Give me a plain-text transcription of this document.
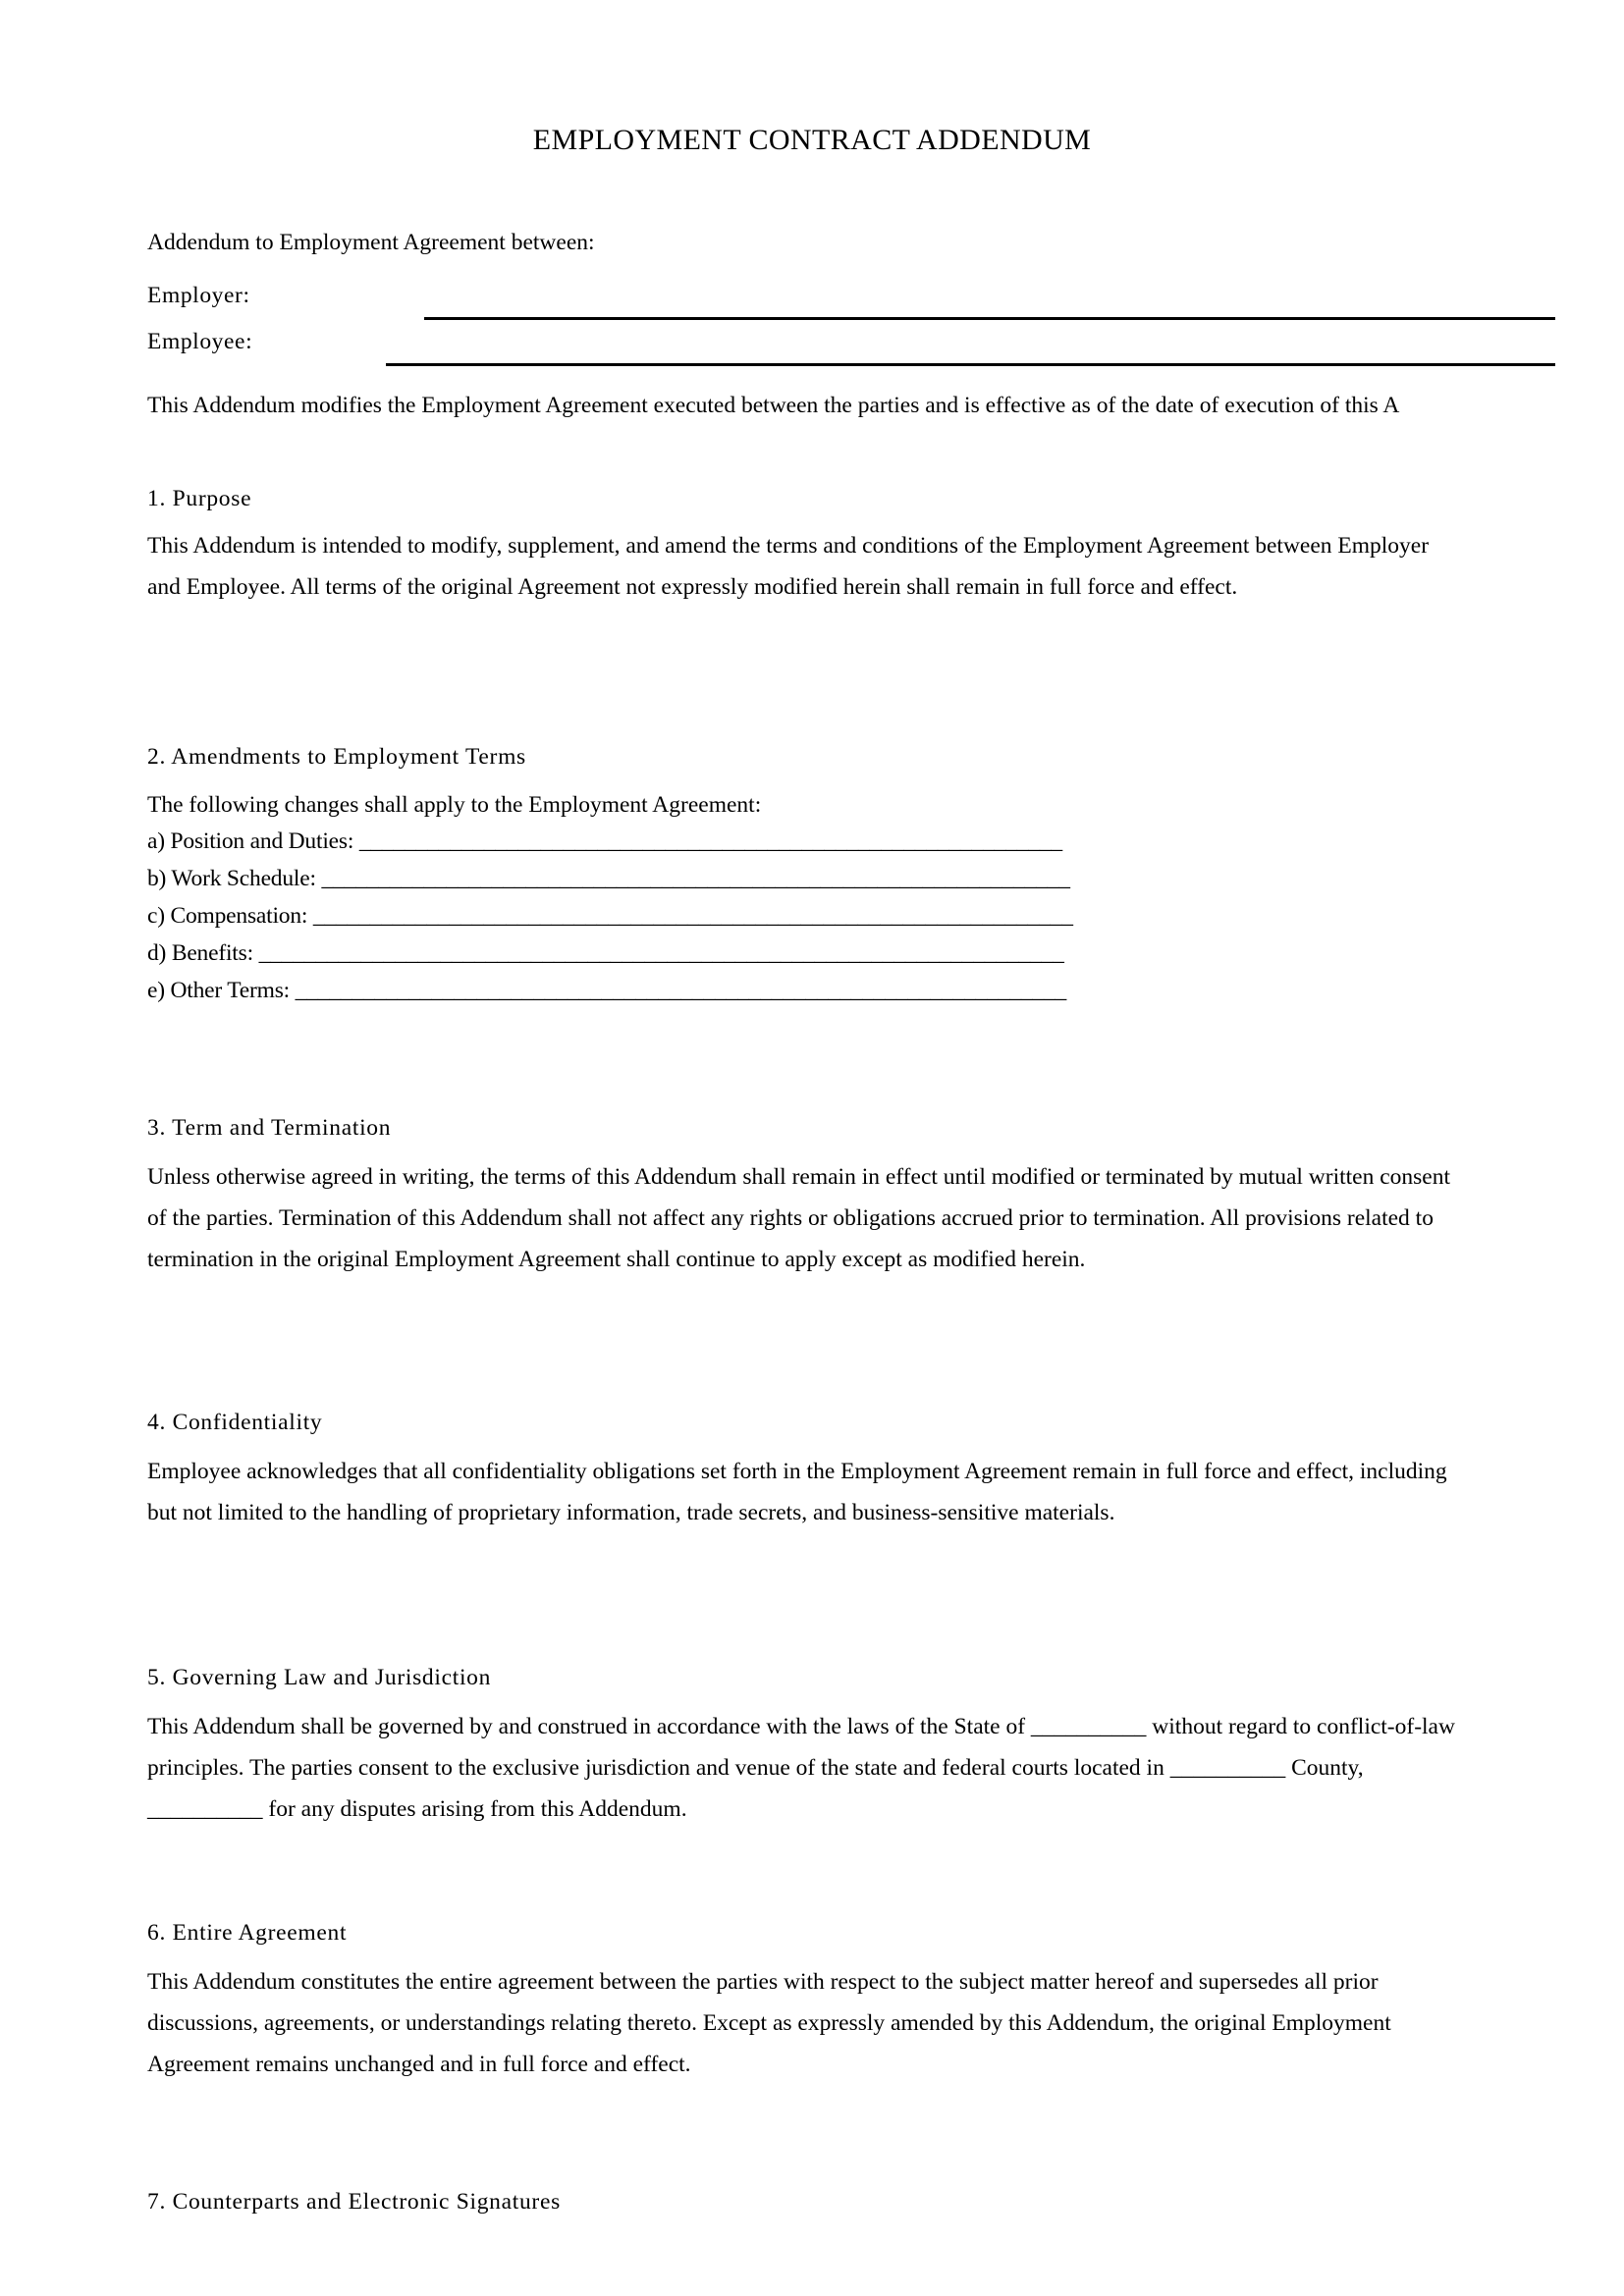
EMPLOYMENT CONTRACT ADDENDUM
Addendum to Employment Agreement between:
Employer:
Employee:
This Addendum modifies the Employment Agreement executed between the parties and is effective as of the date of execution of this A
1. Purpose
This Addendum is intended to modify, supplement, and amend the terms and conditions of the Employment Agreement between Employer and Employee. All terms of the original Agreement not expressly modified herein shall remain in full force and effect.
2. Amendments to Employment Terms
The following changes shall apply to the Employment Agreement:
a) Position and Duties: ______________________________________________________________
b) Work Schedule: __________________________________________________________________
c) Compensation: ___________________________________________________________________
d) Benefits: _______________________________________________________________________
e) Other Terms: ____________________________________________________________________
3. Term and Termination
Unless otherwise agreed in writing, the terms of this Addendum shall remain in effect until modified or terminated by mutual written consent of the parties. Termination of this Addendum shall not affect any rights or obligations accrued prior to termination. All provisions related to termination in the original Employment Agreement shall continue to apply except as modified herein.
4. Confidentiality
Employee acknowledges that all confidentiality obligations set forth in the Employment Agreement remain in full force and effect, including but not limited to the handling of proprietary information, trade secrets, and business-sensitive materials.
5. Governing Law and Jurisdiction
This Addendum shall be governed by and construed in accordance with the laws of the State of __________ without regard to conflict-of-law principles. The parties consent to the exclusive jurisdiction and venue of the state and federal courts located in __________ County, __________ for any disputes arising from this Addendum.
6. Entire Agreement
This Addendum constitutes the entire agreement between the parties with respect to the subject matter hereof and supersedes all prior discussions, agreements, or understandings relating thereto. Except as expressly amended by this Addendum, the original Employment Agreement remains unchanged and in full force and effect.
7. Counterparts and Electronic Signatures
